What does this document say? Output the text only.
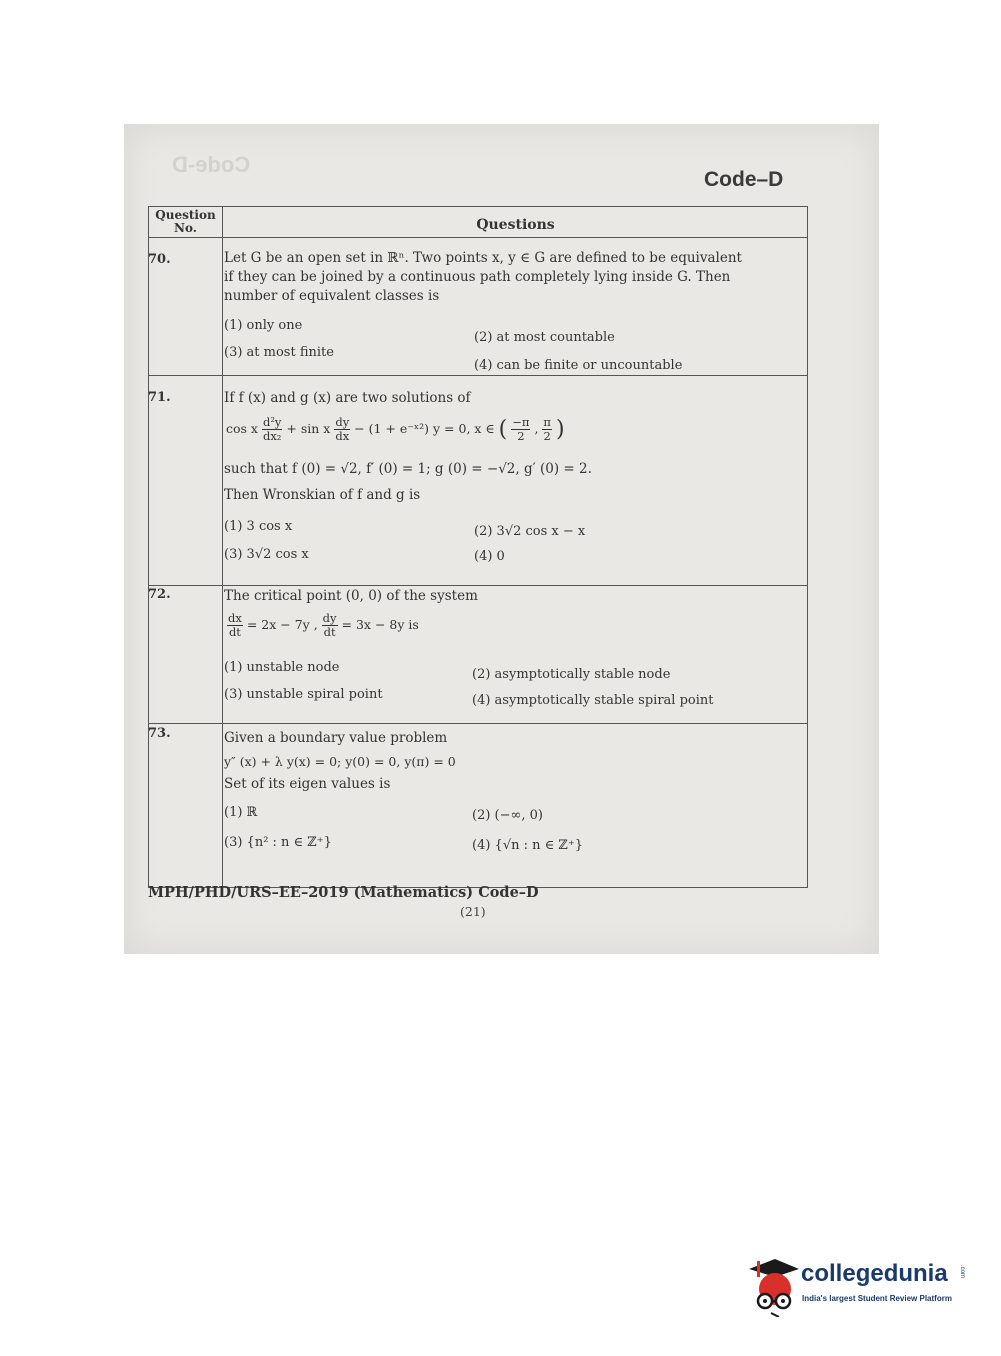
Code-D
Code–D
Question
No.	Questions
70.	Let G be an open set in ℝⁿ. Two points x, y ∈ G are defined to be equivalent
if they can be joined by a continuous path completely lying inside G. Then
number of equivalent classes is
(1) only one
(2) at most countable
(3) at most finite
(4) can be finite or uncountable
71.	If f (x) and g (x) are two solutions of
cos x $\frac{\text{d²y}}{\text{dx₂}} + \sin x \frac{dy}{dx} - (1$ + e⁻ˣ²) y = 0, x ∈ ( $\frac{-\pi}{2}$ , $\frac{\pi}{2}$ )
such that f (0) = √2, f′ (0) = 1; g (0) = −√2, g′ (0) = 2.
Then Wronskian of f and g is
(1) 3 cos x	(2) 3√2 cos x − x
(3) 3√2 cos x	(4) 0
72.	The critical point (0, 0) of the system
$\frac{dx}{dt} = 2x - 7y$ , $\frac{dy}{dt} = 3x - 8y$ is
(1) unstable node	(2) asymptotically stable node
(3) unstable spiral point	(4) asymptotically stable spiral point
73.	Given a boundary value problem
y″ (x) + λ y(x) = 0; y(0) = 0, y(π) = 0
Set of its eigen values is
(1) ℝ	(2) (−∞, 0)
(3) {n² : n ∈ ℤ⁺}	(4) {√n : n ∈ ℤ⁺}
MPH/PHD/URS–EE–2019 (Mathematics) Code–D
(21)
collegedunia .com
India's largest Student Review Platform
